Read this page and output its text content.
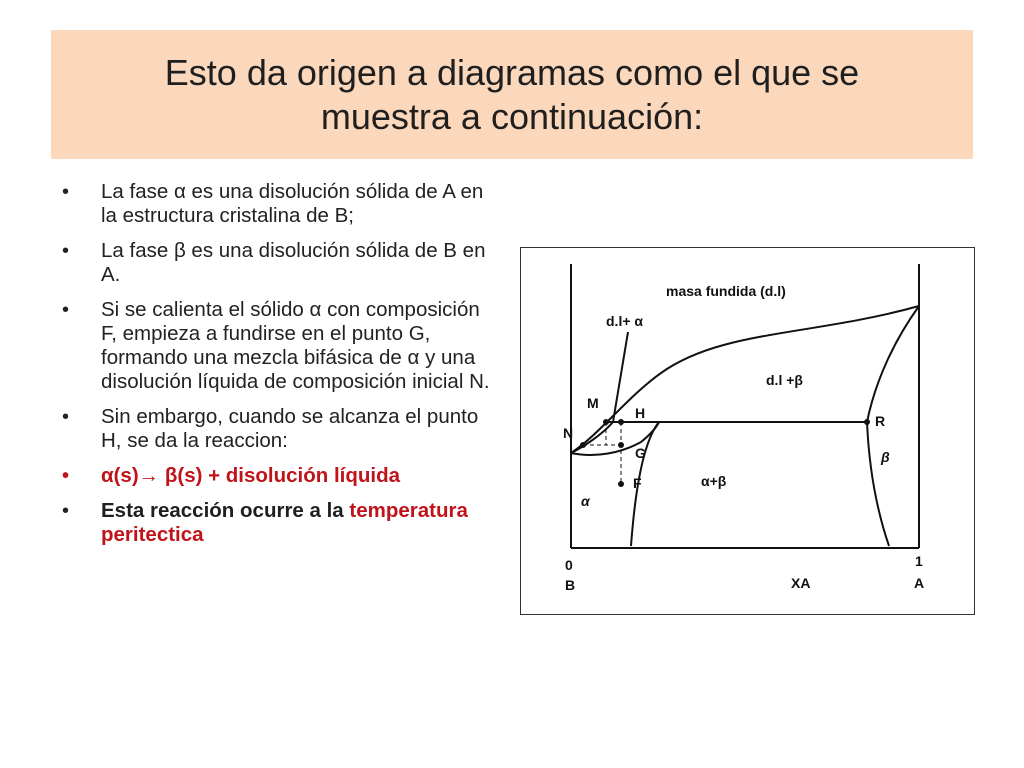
Esto da origen a diagramas como el que se
muestra a continuación:
• La fase α es una disolución sólida de A en la estructura cristalina de B;
• La fase β es una disolución sólida de B en A.
• Si se calienta el sólido α con composición F, empieza a fundirse en el punto G, formando una mezcla bifásica de α y una disolución líquida de composición inicial N.
• Sin embargo, cuando se alcanza el punto H, se da la reaccion:
• α(s)→ β(s) + disolución líquida
• Esta reacción ocurre a la temperatura peritectica
masa fundida (d.l)
d.l+ α
d.l +β
α+β
α
β
M
H
N
G
F
R
0
B
1
A
XA
